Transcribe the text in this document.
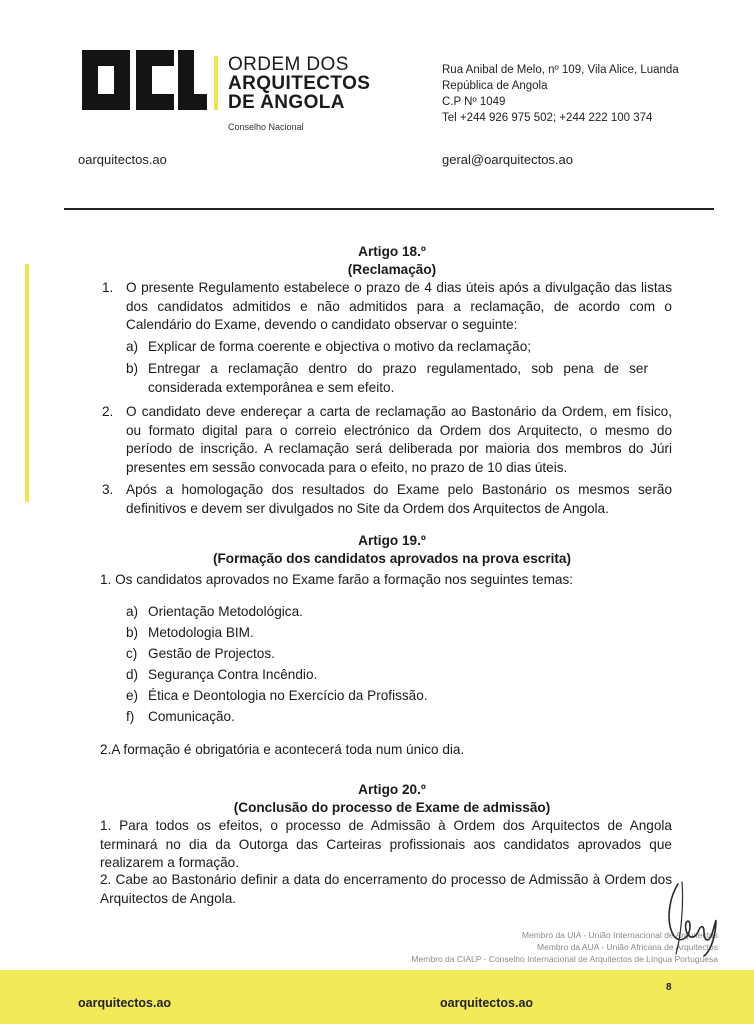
ORDEM DOS
ARQUITECTOS
DE ANGOLA
Conselho Nacional
Rua Anibal de Melo, nº 109, Vila Alice, Luanda
República de Angola
C.P Nº 1049
Tel +244 926 975 502; +244 222 100 374
oarquitectos.ao	geral@oarquitectos.ao
Artigo 18.º
(Reclamação)
1. O presente Regulamento estabelece o prazo de 4 dias úteis após a divulgação das listas dos candidatos admitidos e não admitidos para a reclamação, de acordo com o Calendário do Exame, devendo o candidato observar o seguinte:
a) Explicar de forma coerente e objectiva o motivo da reclamação;
b) Entregar a reclamação dentro do prazo regulamentado, sob pena de ser considerada extemporânea e sem efeito.
2. O candidato deve endereçar a carta de reclamação ao Bastonário da Ordem, em físico, ou formato digital para o correio electrónico da Ordem dos Arquitecto, o mesmo do período de inscrição. A reclamação será deliberada por maioria dos membros do Júri presentes em sessão convocada para o efeito, no prazo de 10 dias úteis.
3. Após a homologação dos resultados do Exame pelo Bastonário os mesmos serão definitivos e devem ser divulgados no Site da Ordem dos Arquitectos de Angola.
Artigo 19.º
(Formação dos candidatos aprovados na prova escrita)
1. Os candidatos aprovados no Exame farão a formação nos seguintes temas:
a) Orientação Metodológica.
b) Metodologia BIM.
c) Gestão de Projectos.
d) Segurança Contra Incêndio.
e) Ética e Deontologia no Exercício da Profissão.
f) Comunicação.
2.A formação é obrigatória e acontecerá toda num único dia.
Artigo 20.º
(Conclusão do processo de Exame de admissão)
1. Para todos os efeitos, o processo de Admissão à Ordem dos Arquitectos de Angola terminará no dia da Outorga das Carteiras profissionais aos candidatos aprovados que realizarem a formação.
2. Cabe ao Bastonário definir a data do encerramento do processo de Admissão à Ordem dos Arquitectos de Angola.
Membro da UIA - União Internacional de Arquitectos
Membro da AUA - União Africana de Arquitectos
Membro da CIALP - Conselho Internacional de Arquitectos de Língua Portuguesa
8
oarquitectos.ao	oarquitectos.ao
